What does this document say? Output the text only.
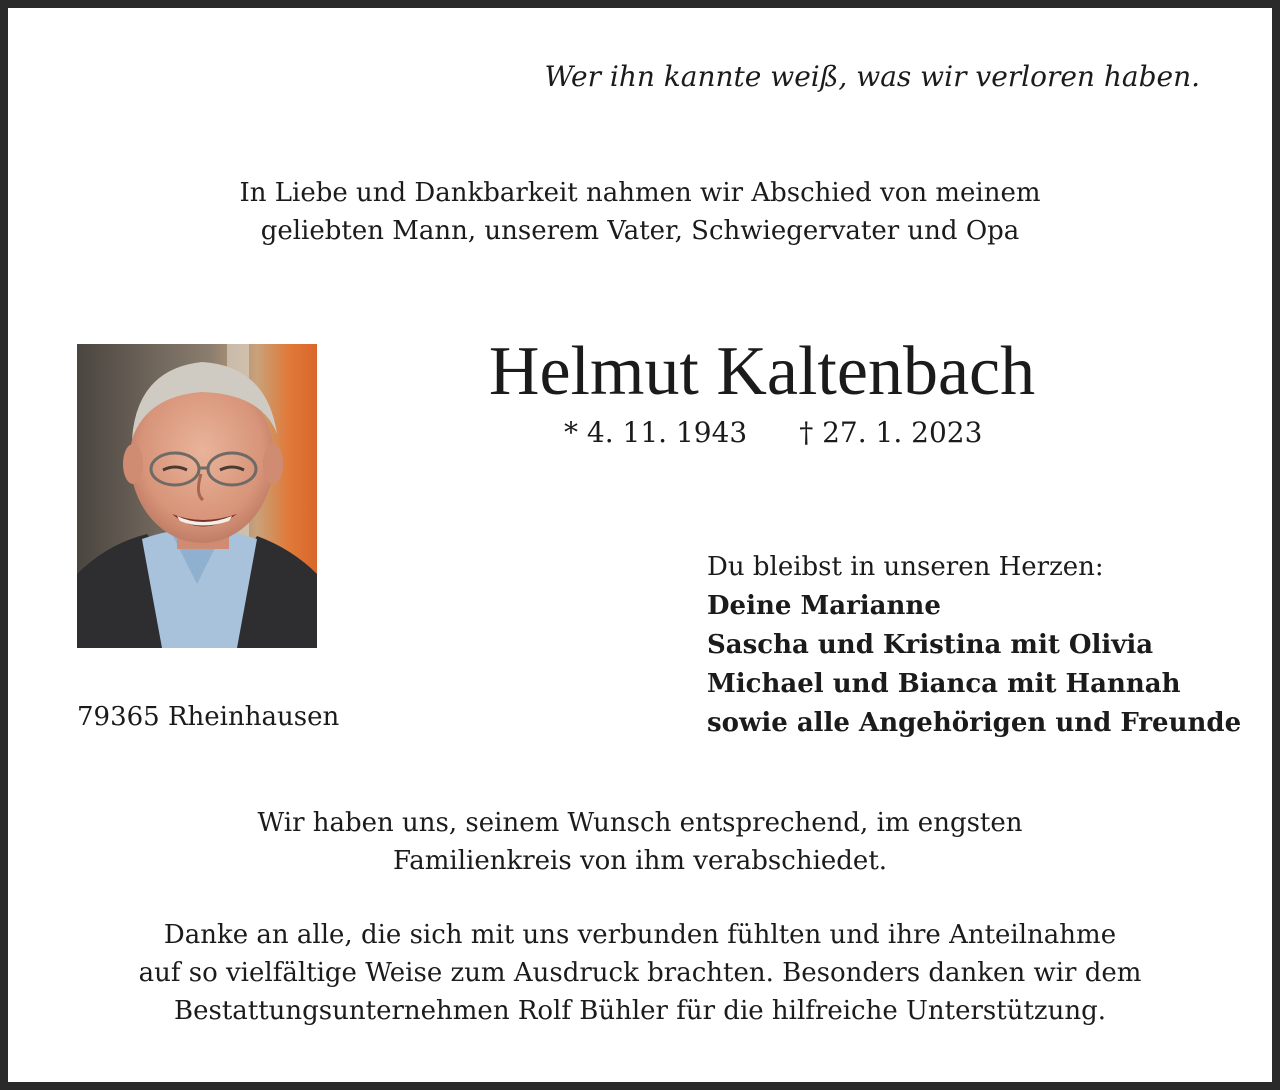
Wer ihn kannte weiß, was wir verloren haben.
In Liebe und Dankbarkeit nahmen wir Abschied von meinem
geliebten Mann, unserem Vater, Schwiegervater und Opa
Helmut Kaltenbach
* 4. 11. 1943 † 27. 1. 2023
79365 Rheinhausen
Du bleibst in unseren Herzen:
Deine Marianne
Sascha und Kristina mit Olivia
Michael und Bianca mit Hannah
sowie alle Angehörigen und Freunde
Wir haben uns, seinem Wunsch entsprechend, im engsten
Familienkreis von ihm verabschiedet.
Danke an alle, die sich mit uns verbunden fühlten und ihre Anteilnahme
auf so vielfältige Weise zum Ausdruck brachten. Besonders danken wir dem
Bestattungsunternehmen Rolf Bühler für die hilfreiche Unterstützung.
